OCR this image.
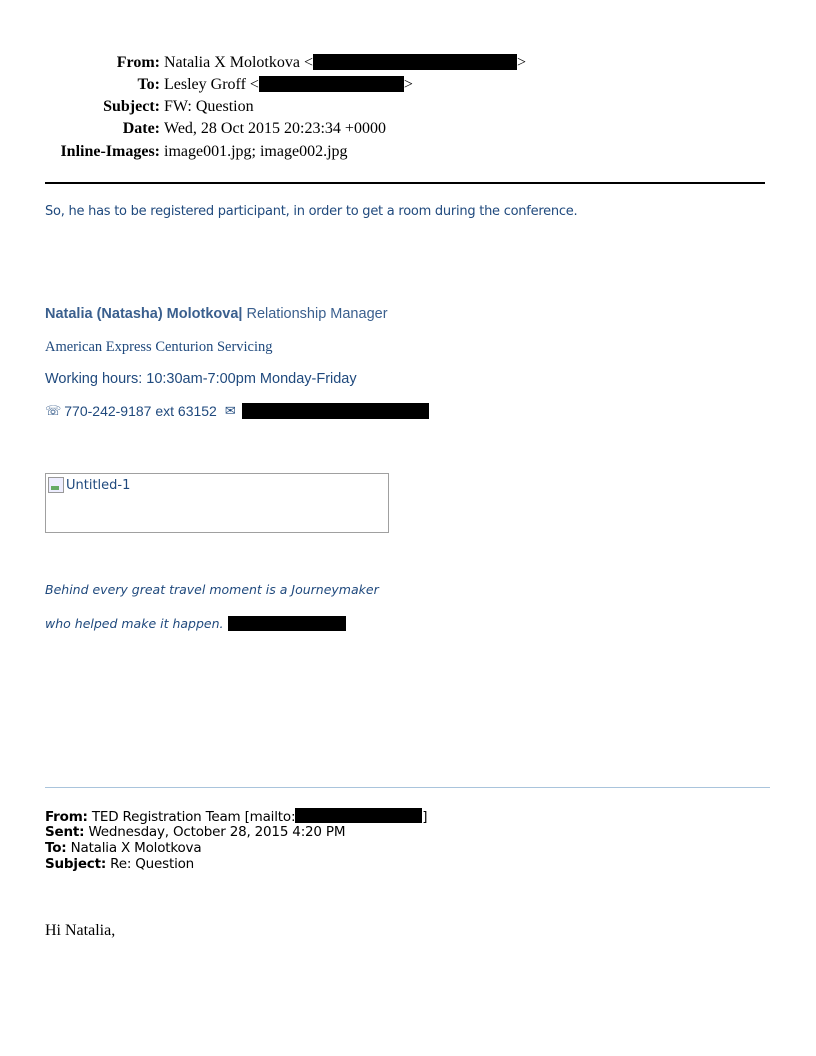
From: Natalia X Molotkova <	>
To: Lesley Groff <	>
Subject: FW: Question
Date: Wed, 28 Oct 2015 20:23:34 +0000
Inline-Images: image001.jpg; image002.jpg
So, he has to be registered participant, in order to get a room during the conference.
Natalia (Natasha) Molotkova| Relationship Manager
American Express Centurion Servicing
Working hours: 10:30am-7:00pm Monday-Friday
☏ 770-242-9187 ext 63152 ✉
Untitled-1
Behind every great travel moment is a Journeymaker
who helped make it happen.
From: TED Registration Team [mailto:	]
Sent: Wednesday, October 28, 2015 4:20 PM
To: Natalia X Molotkova
Subject: Re: Question
Hi Natalia,
